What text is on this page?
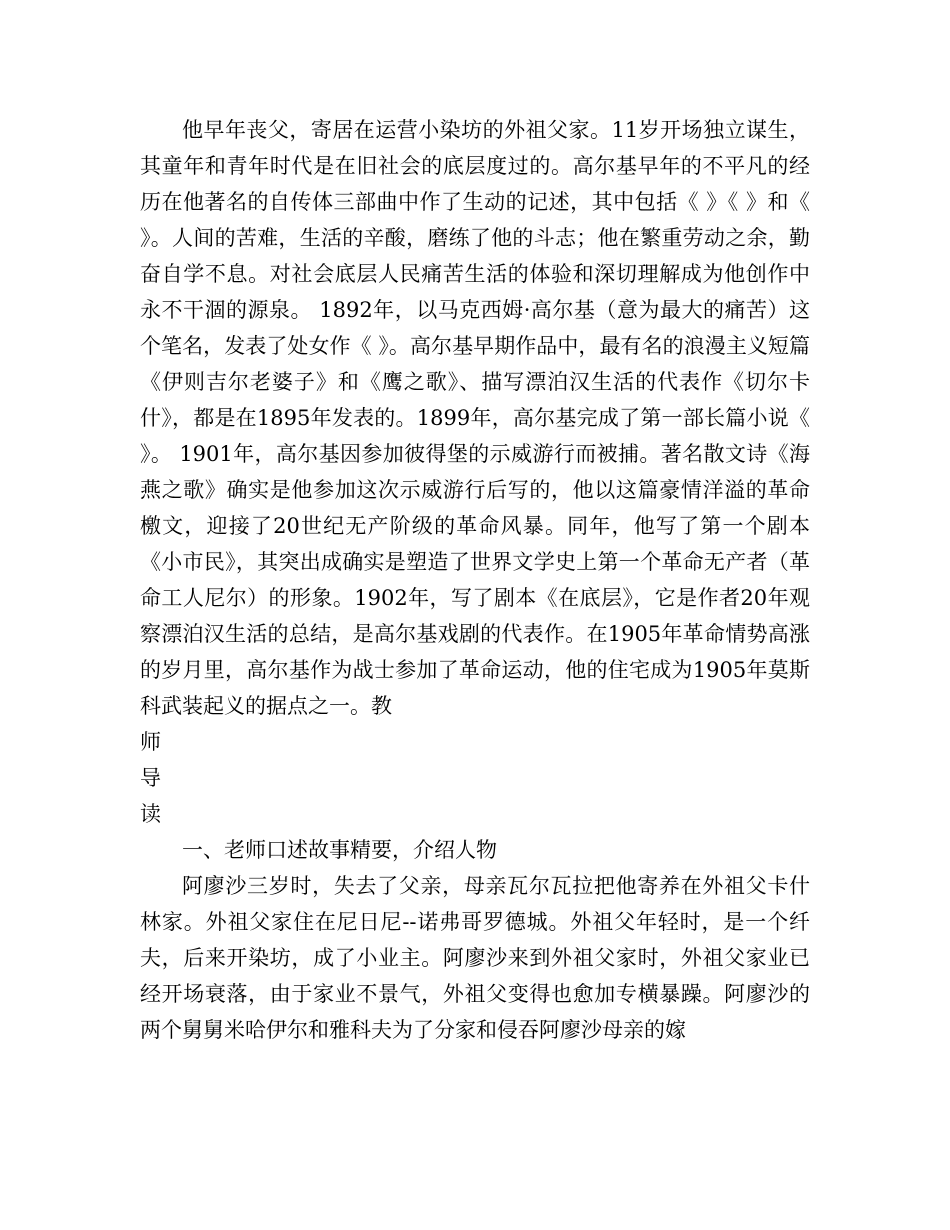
他早年丧父，寄居在运营小染坊的外祖父家。11岁开场独立谋生，其童年和青年时代是在旧社会的底层度过的。高尔基早年的不平凡的经历在他著名的自传体三部曲中作了生动的记述，其中包括《 》《 》和《 》。人间的苦难，生活的辛酸，磨练了他的斗志；他在繁重劳动之余，勤奋自学不息。对社会底层人民痛苦生活的体验和深切理解成为他创作中永不干涸的源泉。 1892年，以马克西姆·高尔基（意为最大的痛苦）这个笔名，发表了处女作《 》。高尔基早期作品中，最有名的浪漫主义短篇《伊则吉尔老婆子》和《鹰之歌》、描写漂泊汉生活的代表作《切尔卡什》，都是在1895年发表的。1899年，高尔基完成了第一部长篇小说《 》。 1901年，高尔基因参加彼得堡的示威游行而被捕。著名散文诗《海燕之歌》确实是他参加这次示威游行后写的，他以这篇豪情洋溢的革命檄文，迎接了20世纪无产阶级的革命风暴。同年，他写了第一个剧本《小市民》，其突出成确实是塑造了世界文学史上第一个革命无产者（革命工人尼尔）的形象。1902年，写了剧本《在底层》，它是作者20年观察漂泊汉生活的总结，是高尔基戏剧的代表作。在1905年革命情势高涨的岁月里，高尔基作为战士参加了革命运动，他的住宅成为1905年莫斯科武装起义的据点之一。教

师

导

读

一、老师口述故事精要，介绍人物

阿廖沙三岁时，失去了父亲，母亲瓦尔瓦拉把他寄养在外祖父卡什林家。外祖父家住在尼日尼--诺弗哥罗德城。外祖父年轻时，是一个纤夫，后来开染坊，成了小业主。阿廖沙来到外祖父家时，外祖父家业已经开场衰落，由于家业不景气，外祖父变得也愈加专横暴躁。阿廖沙的两个舅舅米哈伊尔和雅科夫为了分家和侵吞阿廖沙母亲的嫁
